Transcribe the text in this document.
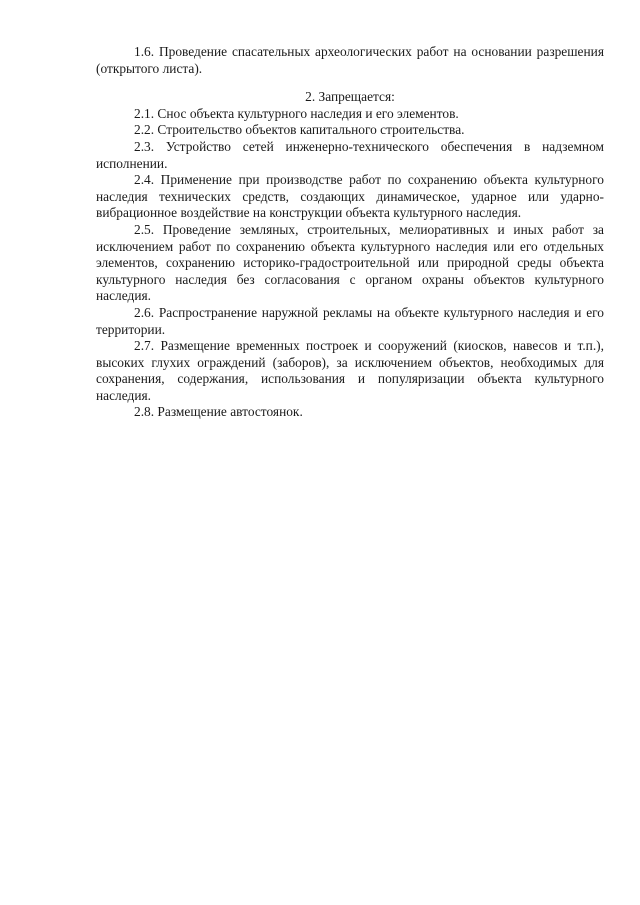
1.6. Проведение спасательных археологических работ на основании разрешения (открытого листа).

2. Запрещается:

2.1. Снос объекта культурного наследия и его элементов.

2.2. Строительство объектов капитального строительства.

2.3. Устройство сетей инженерно-технического обеспечения в надземном исполнении.

2.4. Применение при производстве работ по сохранению объекта культурного наследия технических средств, создающих динамическое, ударное или ударно-вибрационное воздействие на конструкции объекта культурного наследия.

2.5. Проведение земляных, строительных, мелиоративных и иных работ за исключением работ по сохранению объекта культурного наследия или его отдельных элементов, сохранению историко-градостроительной или природной среды объекта культурного наследия без согласования с органом охраны объектов культурного наследия.

2.6. Распространение наружной рекламы на объекте культурного наследия и его территории.

2.7. Размещение временных построек и сооружений (киосков, навесов и т.п.), высоких глухих ограждений (заборов), за исключением объектов, необходимых для сохранения, содержания, использования и популяризации объекта культурного наследия.

2.8. Размещение автостоянок.
